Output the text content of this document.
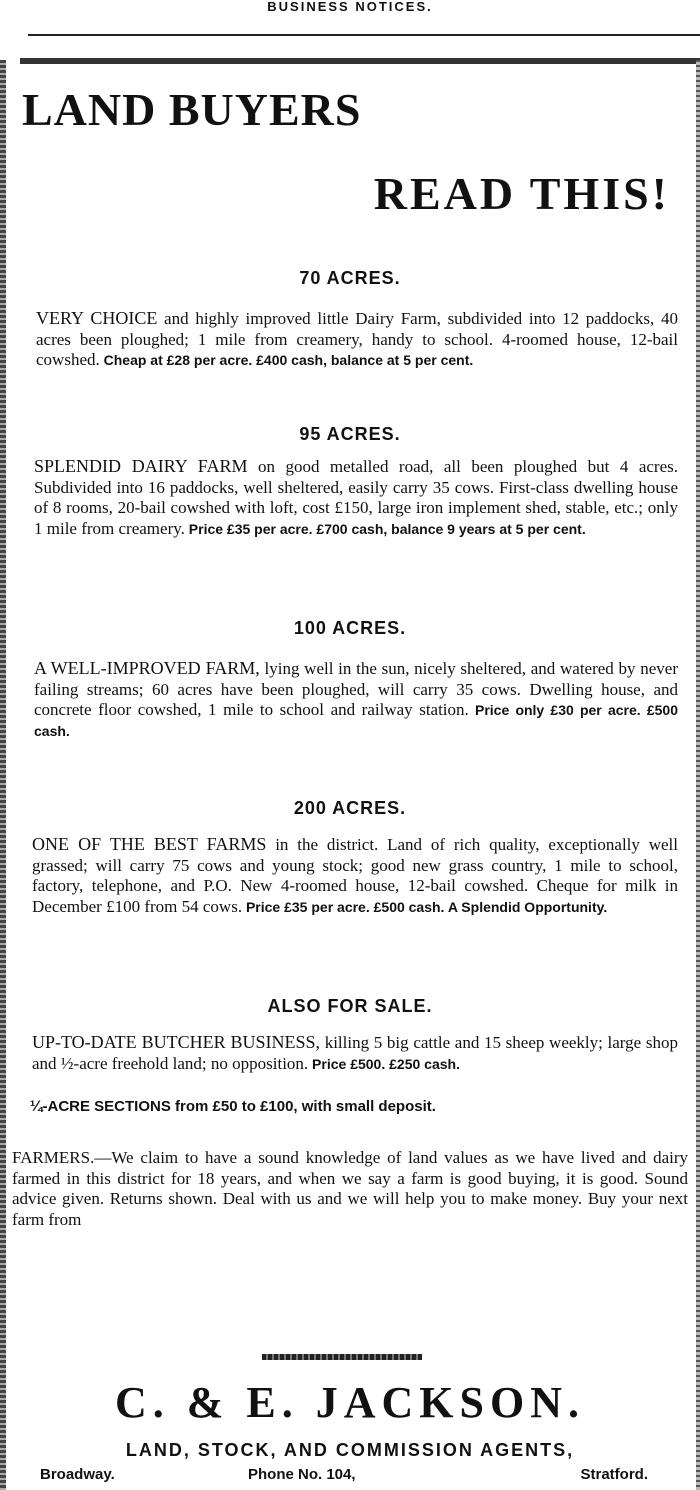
BUSINESS NOTICES.
LAND BUYERS
READ THIS!
70 ACRES.
VERY CHOICE and highly improved little Dairy Farm, subdivided into 12 paddocks, 40 acres been ploughed; 1 mile from creamery, handy to school. 4-roomed house, 12-bail cowshed. Cheap at £28 per acre. £400 cash, balance at 5 per cent.
95 ACRES.
SPLENDID DAIRY FARM on good metalled road, all been ploughed but 4 acres. Subdivided into 16 paddocks, well sheltered, easily carry 35 cows. First-class dwelling house of 8 rooms, 20-bail cowshed with loft, cost £150, large iron implement shed, stable, etc.; only 1 mile from creamery. Price £35 per acre. £700 cash, balance 9 years at 5 per cent.
100 ACRES.
A WELL-IMPROVED FARM, lying well in the sun, nicely sheltered, and watered by never failing streams; 60 acres have been ploughed, will carry 35 cows. Dwelling house, and concrete floor cowshed, 1 mile to school and railway station. Price only £30 per acre. £500 cash.
200 ACRES.
ONE OF THE BEST FARMS in the district. Land of rich quality, exceptionally well grassed; will carry 75 cows and young stock; good new grass country, 1 mile to school, factory, telephone, and P.O. New 4-roomed house, 12-bail cowshed. Cheque for milk in December £100 from 54 cows. Price £35 per acre. £500 cash. A Splendid Opportunity.
ALSO FOR SALE.
UP-TO-DATE BUTCHER BUSINESS, killing 5 big cattle and 15 sheep weekly; large shop and ½-acre freehold land; no opposition. Price £500. £250 cash.
¼-ACRE SECTIONS from £50 to £100, with small deposit.
FARMERS.—We claim to have a sound knowledge of land values as we have lived and dairy farmed in this district for 18 years, and when we say a farm is good buying, it is good. Sound advice given. Returns shown. Deal with us and we will help you to make money. Buy your next farm from
C. & E. JACKSON.
LAND, STOCK, AND COMMISSION AGENTS,
Broadway.	Phone No. 104,	Stratford.
